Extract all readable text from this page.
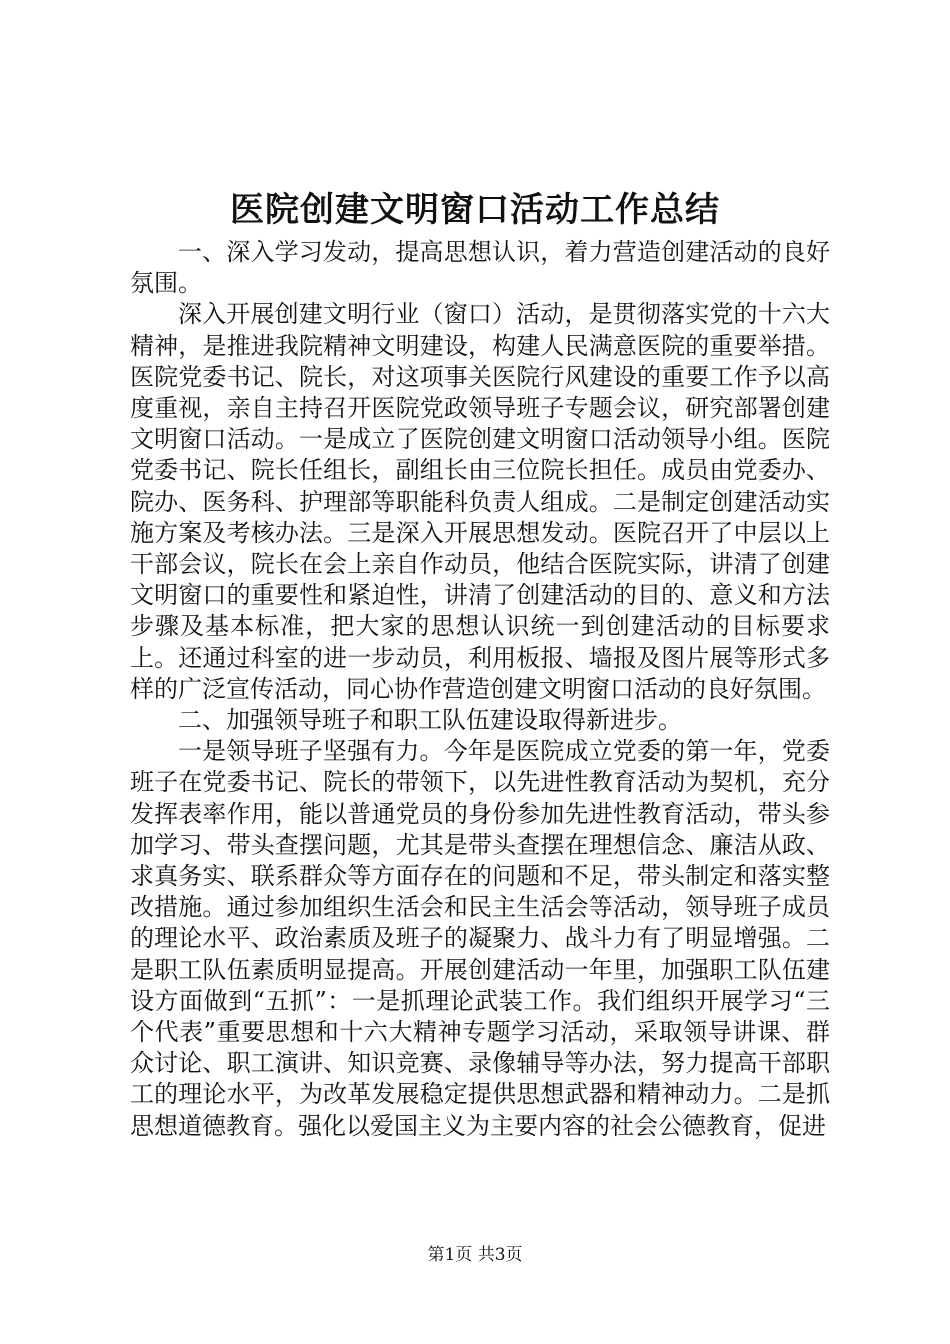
医院创建文明窗口活动工作总结

一、深入学习发动，提高思想认识，着力营造创建活动的良好氛围。

深入开展创建文明行业（窗口）活动，是贯彻落实党的十六大精神，是推进我院精神文明建设，构建人民满意医院的重要举措。医院党委书记、院长，对这项事关医院行风建设的重要工作予以高度重视，亲自主持召开医院党政领导班子专题会议，研究部署创建文明窗口活动。一是成立了医院创建文明窗口活动领导小组。医院党委书记、院长任组长，副组长由三位院长担任。成员由党委办、院办、医务科、护理部等职能科负责人组成。二是制定创建活动实施方案及考核办法。三是深入开展思想发动。医院召开了中层以上干部会议，院长在会上亲自作动员，他结合医院实际，讲清了创建文明窗口的重要性和紧迫性，讲清了创建活动的目的、意义和方法步骤及基本标准，把大家的思想认识统一到创建活动的目标要求上。还通过科室的进一步动员，利用板报、墙报及图片展等形式多样的广泛宣传活动，同心协作营造创建文明窗口活动的良好氛围。

二、加强领导班子和职工队伍建设取得新进步。

一是领导班子坚强有力。今年是医院成立党委的第一年，党委班子在党委书记、院长的带领下，以先进性教育活动为契机，充分发挥表率作用，能以普通党员的身份参加先进性教育活动，带头参加学习、带头查摆问题，尤其是带头查摆在理想信念、廉洁从政、求真务实、联系群众等方面存在的问题和不足，带头制定和落实整改措施。通过参加组织生活会和民主生活会等活动，领导班子成员的理论水平、政治素质及班子的凝聚力、战斗力有了明显增强。二是职工队伍素质明显提高。开展创建活动一年里，加强职工队伍建设方面做到“五抓”：一是抓理论武装工作。我们组织开展学习“三个代表”重要思想和十六大精神专题学习活动，采取领导讲课、群众讨论、职工演讲、知识竞赛、录像辅导等办法，努力提高干部职工的理论水平，为改革发展稳定提供思想武器和精神动力。二是抓思想道德教育。强化以爱国主义为主要内容的社会公德教育，促进

第1页 共3页
